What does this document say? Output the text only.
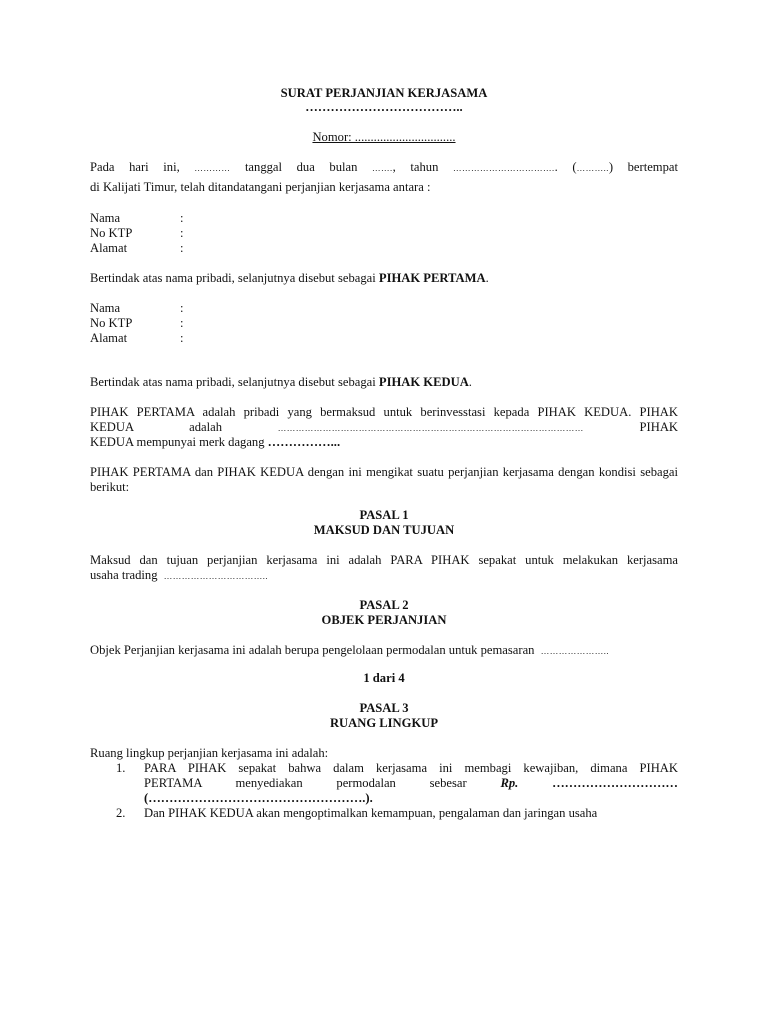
SURAT PERJANJIAN KERJASAMA
………………………………..
Nomor: ................................
Pada hari ini, ………… tanggal dua bulan ……., tahun …………………………….. (………..) bertempat
di Kalijati Timur, telah ditandatangani perjanjian kerjasama antara :
Nama	:
No KTP	:
Alamat	:
Bertindak atas nama pribadi, selanjutnya disebut sebagai PIHAK PERTAMA.
Nama	:
No KTP	:
Alamat	:
Bertindak atas nama pribadi, selanjutnya disebut sebagai PIHAK KEDUA.
PIHAK PERTAMA adalah pribadi yang bermaksud untuk berinvesstasi kepada PIHAK KEDUA. PIHAK
KEDUA adalah	…………………………………………………………………………………………	PIHAK
KEDUA mempunyai merk dagang ……………...
PIHAK PERTAMA dan PIHAK KEDUA dengan ini mengikat suatu perjanjian kerjasama dengan kondisi sebagai berikut:
PASAL 1
MAKSUD DAN TUJUAN
Maksud dan tujuan perjanjian kerjasama ini adalah PARA PIHAK sepakat untuk melakukan kerjasama
usaha trading ……………………………..
PASAL 2
OBJEK PERJANJIAN
Objek Perjanjian kerjasama ini adalah berupa pengelolaan permodalan untuk pemasaran …………………..
1 dari 4
PASAL 3
RUANG LINGKUP
Ruang lingkup perjanjian kerjasama ini adalah:
1.	PARA PIHAK sepakat bahwa dalam kerjasama ini membagi kewajiban, dimana PIHAK
PERTAMA	menyediakan	permodalan	sebesar	Rp.	…………………………
(…………………………………………….).
2.	Dan PIHAK KEDUA akan mengoptimalkan kemampuan, pengalaman dan jaringan usaha
